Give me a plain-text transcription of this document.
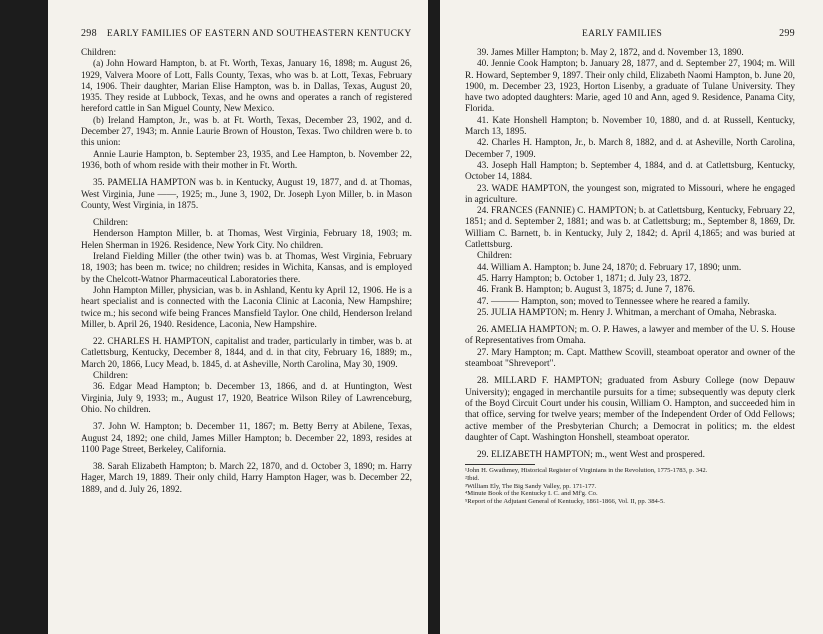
298 EARLY FAMILIES OF EASTERN AND SOUTHEASTERN KENTUCKY

Children:

(a) John Howard Hampton, b. at Ft. Worth, Texas, January 16, 1898; m. August 26, 1929, Valvera Moore of Lott, Falls County, Texas, who was b. at Lott, Texas, February 14, 1906. Their daughter, Marian Elise Hampton, was b. in Dallas, Texas, August 20, 1935. They reside at Lubbock, Texas, and he owns and operates a ranch of registered hereford cattle in San Miguel County, New Mexico.

(b) Ireland Hampton, Jr., was b. at Ft. Worth, Texas, December 23, 1902, and d. December 27, 1943; m. Annie Laurie Brown of Houston, Texas. Two children were b. to this union:

Annie Laurie Hampton, b. September 23, 1935, and Lee Hampton, b. November 22, 1936, both of whom reside with their mother in Ft. Worth.

35. PAMELIA HAMPTON was b. in Kentucky, August 19, 1877, and d. at Thomas, West Virginia, June ——, 1925; m., June 3, 1902, Dr. Joseph Lyon Miller, b. in Mason County, West Virginia, in 1875.

Children:

Henderson Hampton Miller, b. at Thomas, West Virginia, February 18, 1903; m. Helen Sherman in 1926. Residence, New York City. No children.

Ireland Fielding Miller (the other twin) was b. at Thomas, West Virginia, February 18, 1903; has been m. twice; no children; resides in Wichita, Kansas, and is employed by the Chelcott-Watnor Pharmaceutical Laboratories there.

John Hampton Miller, physician, was b. in Ashland, Kentu ky April 12, 1906. He is a heart specialist and is connected with the Laconia Clinic at Laconia, New Hampshire; twice m.; his second wife being Frances Mansfield Taylor. One child, Henderson Ireland Miller, b. April 26, 1940. Residence, Laconia, New Hampshire.

22. CHARLES H. HAMPTON, capitalist and trader, particularly in timber, was b. at Catlettsburg, Kentucky, December 8, 1844, and d. in that city, February 16, 1889; m., March 20, 1866, Lucy Mead, b. 1845, d. at Asheville, North Carolina, May 30, 1909.

Children:

36. Edgar Mead Hampton; b. December 13, 1866, and d. at Huntington, West Virginia, July 9, 1933; m., August 17, 1920, Beatrice Wilson Riley of Lawrenceburg, Ohio. No children.

37. John W. Hampton; b. December 11, 1867; m. Betty Berry at Abilene, Texas, August 24, 1892; one child, James Miller Hampton; b. December 22, 1893, resides at 1100 Page Street, Berkeley, California.

38. Sarah Elizabeth Hampton; b. March 22, 1870, and d. October 3, 1890; m. Harry Hager, March 19, 1889. Their only child, Harry Hampton Hager, was b. December 22, 1889, and d. July 26, 1892.

EARLY FAMILIES	299

39. James Miller Hampton; b. May 2, 1872, and d. November 13, 1890.

40. Jennie Cook Hampton; b. January 28, 1877, and d. September 27, 1904; m. Will R. Howard, September 9, 1897. Their only child, Elizabeth Naomi Hampton, b. June 20, 1900, m. December 23, 1923, Horton Lisenby, a graduate of Tulane University. They have two adopted daughters: Marie, aged 10 and Ann, aged 9. Residence, Panama City, Florida.

41. Kate Honshell Hampton; b. November 10, 1880, and d. at Russell, Kentucky, March 13, 1895.

42. Charles H. Hampton, Jr., b. March 8, 1882, and d. at Asheville, North Carolina, December 7, 1909.

43. Joseph Hall Hampton; b. September 4, 1884, and d. at Catlettsburg, Kentucky, October 14, 1884.

23. WADE HAMPTON, the youngest son, migrated to Missouri, where he engaged in agriculture.

24. FRANCES (FANNIE) C. HAMPTON; b. at Catlettsburg, Kentucky, February 22, 1851; and d. September 2, 1881; and was b. at Catlettsburg; m., September 8, 1869, Dr. William C. Barnett, b. in Kentucky, July 2, 1842; d. April 4,1865; and was buried at Catlettsburg.

Children:

44. William A. Hampton; b. June 24, 1870; d. February 17, 1890; unm.

45. Harry Hampton; b. October 1, 1871; d. July 23, 1872.

46. Frank B. Hampton; b. August 3, 1875; d. June 7, 1876.

47. ——— Hampton, son; moved to Tennessee where he reared a family.

25. JULIA HAMPTON; m. Henry J. Whitman, a merchant of Omaha, Nebraska.

26. AMELIA HAMPTON; m. O. P. Hawes, a lawyer and member of the U. S. House of Representatives from Omaha.

27. Mary Hampton; m. Capt. Matthew Scovill, steamboat operator and owner of the steamboat "Shreveport".

28. MILLARD F. HAMPTON; graduated from Asbury College (now Depauw University); engaged in merchantile pursuits for a time; subsequently was deputy clerk of the Boyd Circuit Court under his cousin, William O. Hampton, and succeeded him in that office, serving for twelve years; member of the Independent Order of Odd Fellows; active member of the Presbyterian Church; a Democrat in politics; m. the eldest daughter of Capt. Washington Honshell, steamboat operator.

29. ELIZABETH HAMPTON; m., went West and prospered.

¹John H. Gwathmey, Historical Register of Virginians in the Revolution, 1775-1783, p. 342.

²Ibid.

³William Ely, The Big Sandy Valley, pp. 171-177.

⁴Minute Book of the Kentucky I. C. and Mf'g. Co.

⁵Report of the Adjutant General of Kentucky, 1861-1866, Vol. II, pp. 384-5.
